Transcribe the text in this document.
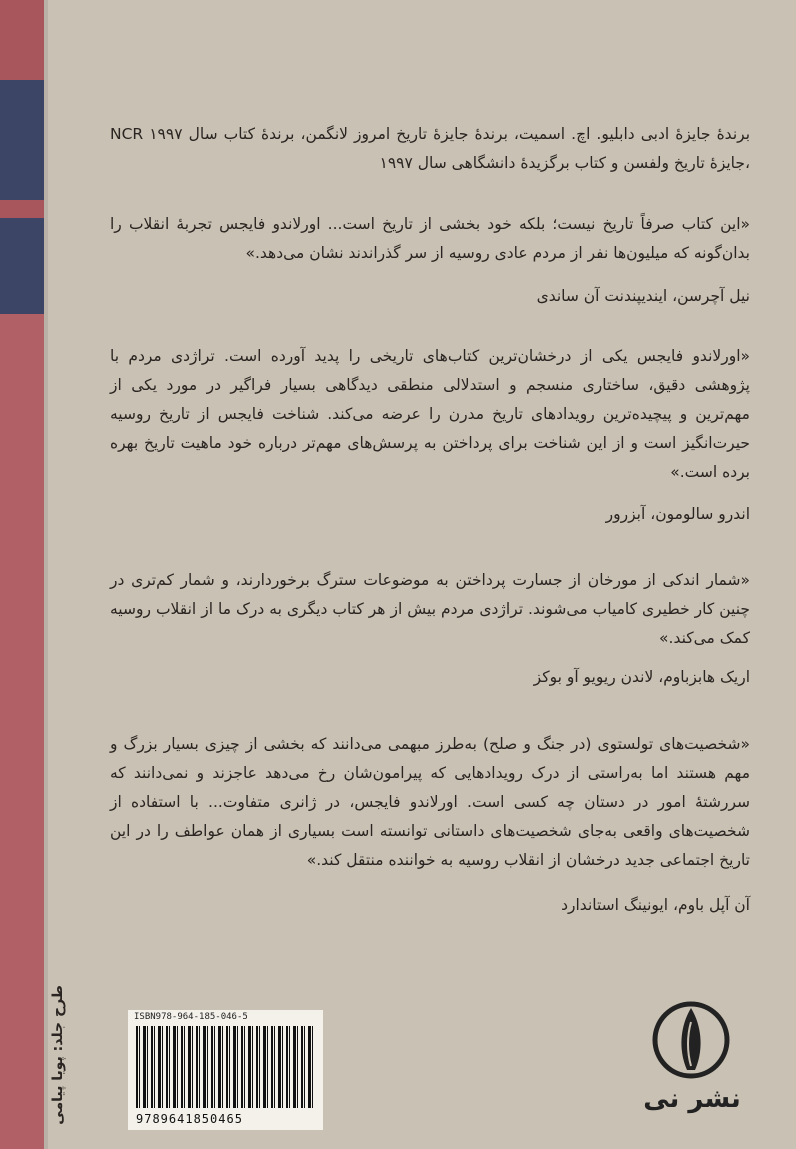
برندهٔ جایزهٔ ادبی دابلیو. اچ. اسمیت، برندهٔ جایزهٔ تاریخ امروز لانگمن، برندهٔ کتاب سال NCR ۱۹۹۷ ،جایزهٔ تاریخ ولفسن و کتاب برگزیدهٔ دانشگاهی سال ۱۹۹۷

«این کتاب صرفاً تاریخ نیست؛ بلکه خود بخشی از تاریخ است... اورلاندو فایجس تجربهٔ انقلاب را بدان‌گونه که میلیون‌ها نفر از مردم عادی روسیه از سر گذراندند نشان می‌دهد.»

نیل آچرسن، ایندیپندنت آن ساندی

«اورلاندو فایجس یکی از درخشان‌ترین کتاب‌های تاریخی را پدید آورده است. تراژدی مردم با پژوهشی دقیق، ساختاری منسجم و استدلالی منطقی دیدگاهی بسیار فراگیر در مورد یکی از مهم‌ترین و پیچیده‌ترین رویدادهای تاریخ مدرن را عرضه می‌کند. شناخت فایجس از تاریخ روسیه حیرت‌انگیز است و از این شناخت برای پرداختن به پرسش‌های مهم‌تر درباره خود ماهیت تاریخ بهره برده است.»

اندرو سالومون، آبزرور

«شمار اندکی از مورخان از جسارت پرداختن به موضوعات سترگ برخوردارند، و شمار کم‌تری در چنین کار خطیری کامیاب می‌شوند. تراژدی مردم بیش از هر کتاب دیگری به درک ما از انقلاب روسیه کمک می‌کند.»

اریک هابزباوم، لاندن ریویو آو بوکز

«شخصیت‌های تولستوی (در جنگ و صلح) به‌طرز مبهمی می‌دانند که بخشی از چیزی بسیار بزرگ و مهم هستند اما به‌راستی از درک رویدادهایی که پیرامون‌شان رخ می‌دهد عاجزند و نمی‌دانند که سررشتهٔ امور در دستان چه کسی است. اورلاندو فایجس، در ژانری متفاوت... با استفاده از شخصیت‌های واقعی به‌جای شخصیت‌های داستانی توانسته است بسیاری از همان عواطف را در این تاریخ اجتماعی جدید درخشان از انقلاب روسیه به خواننده منتقل کند.»

آن آپل باوم، ایونینگ استاندارد
طرح جلد: پویا پیامی	ISBN978-964-185-046-5
9789641850465
نشر نی
